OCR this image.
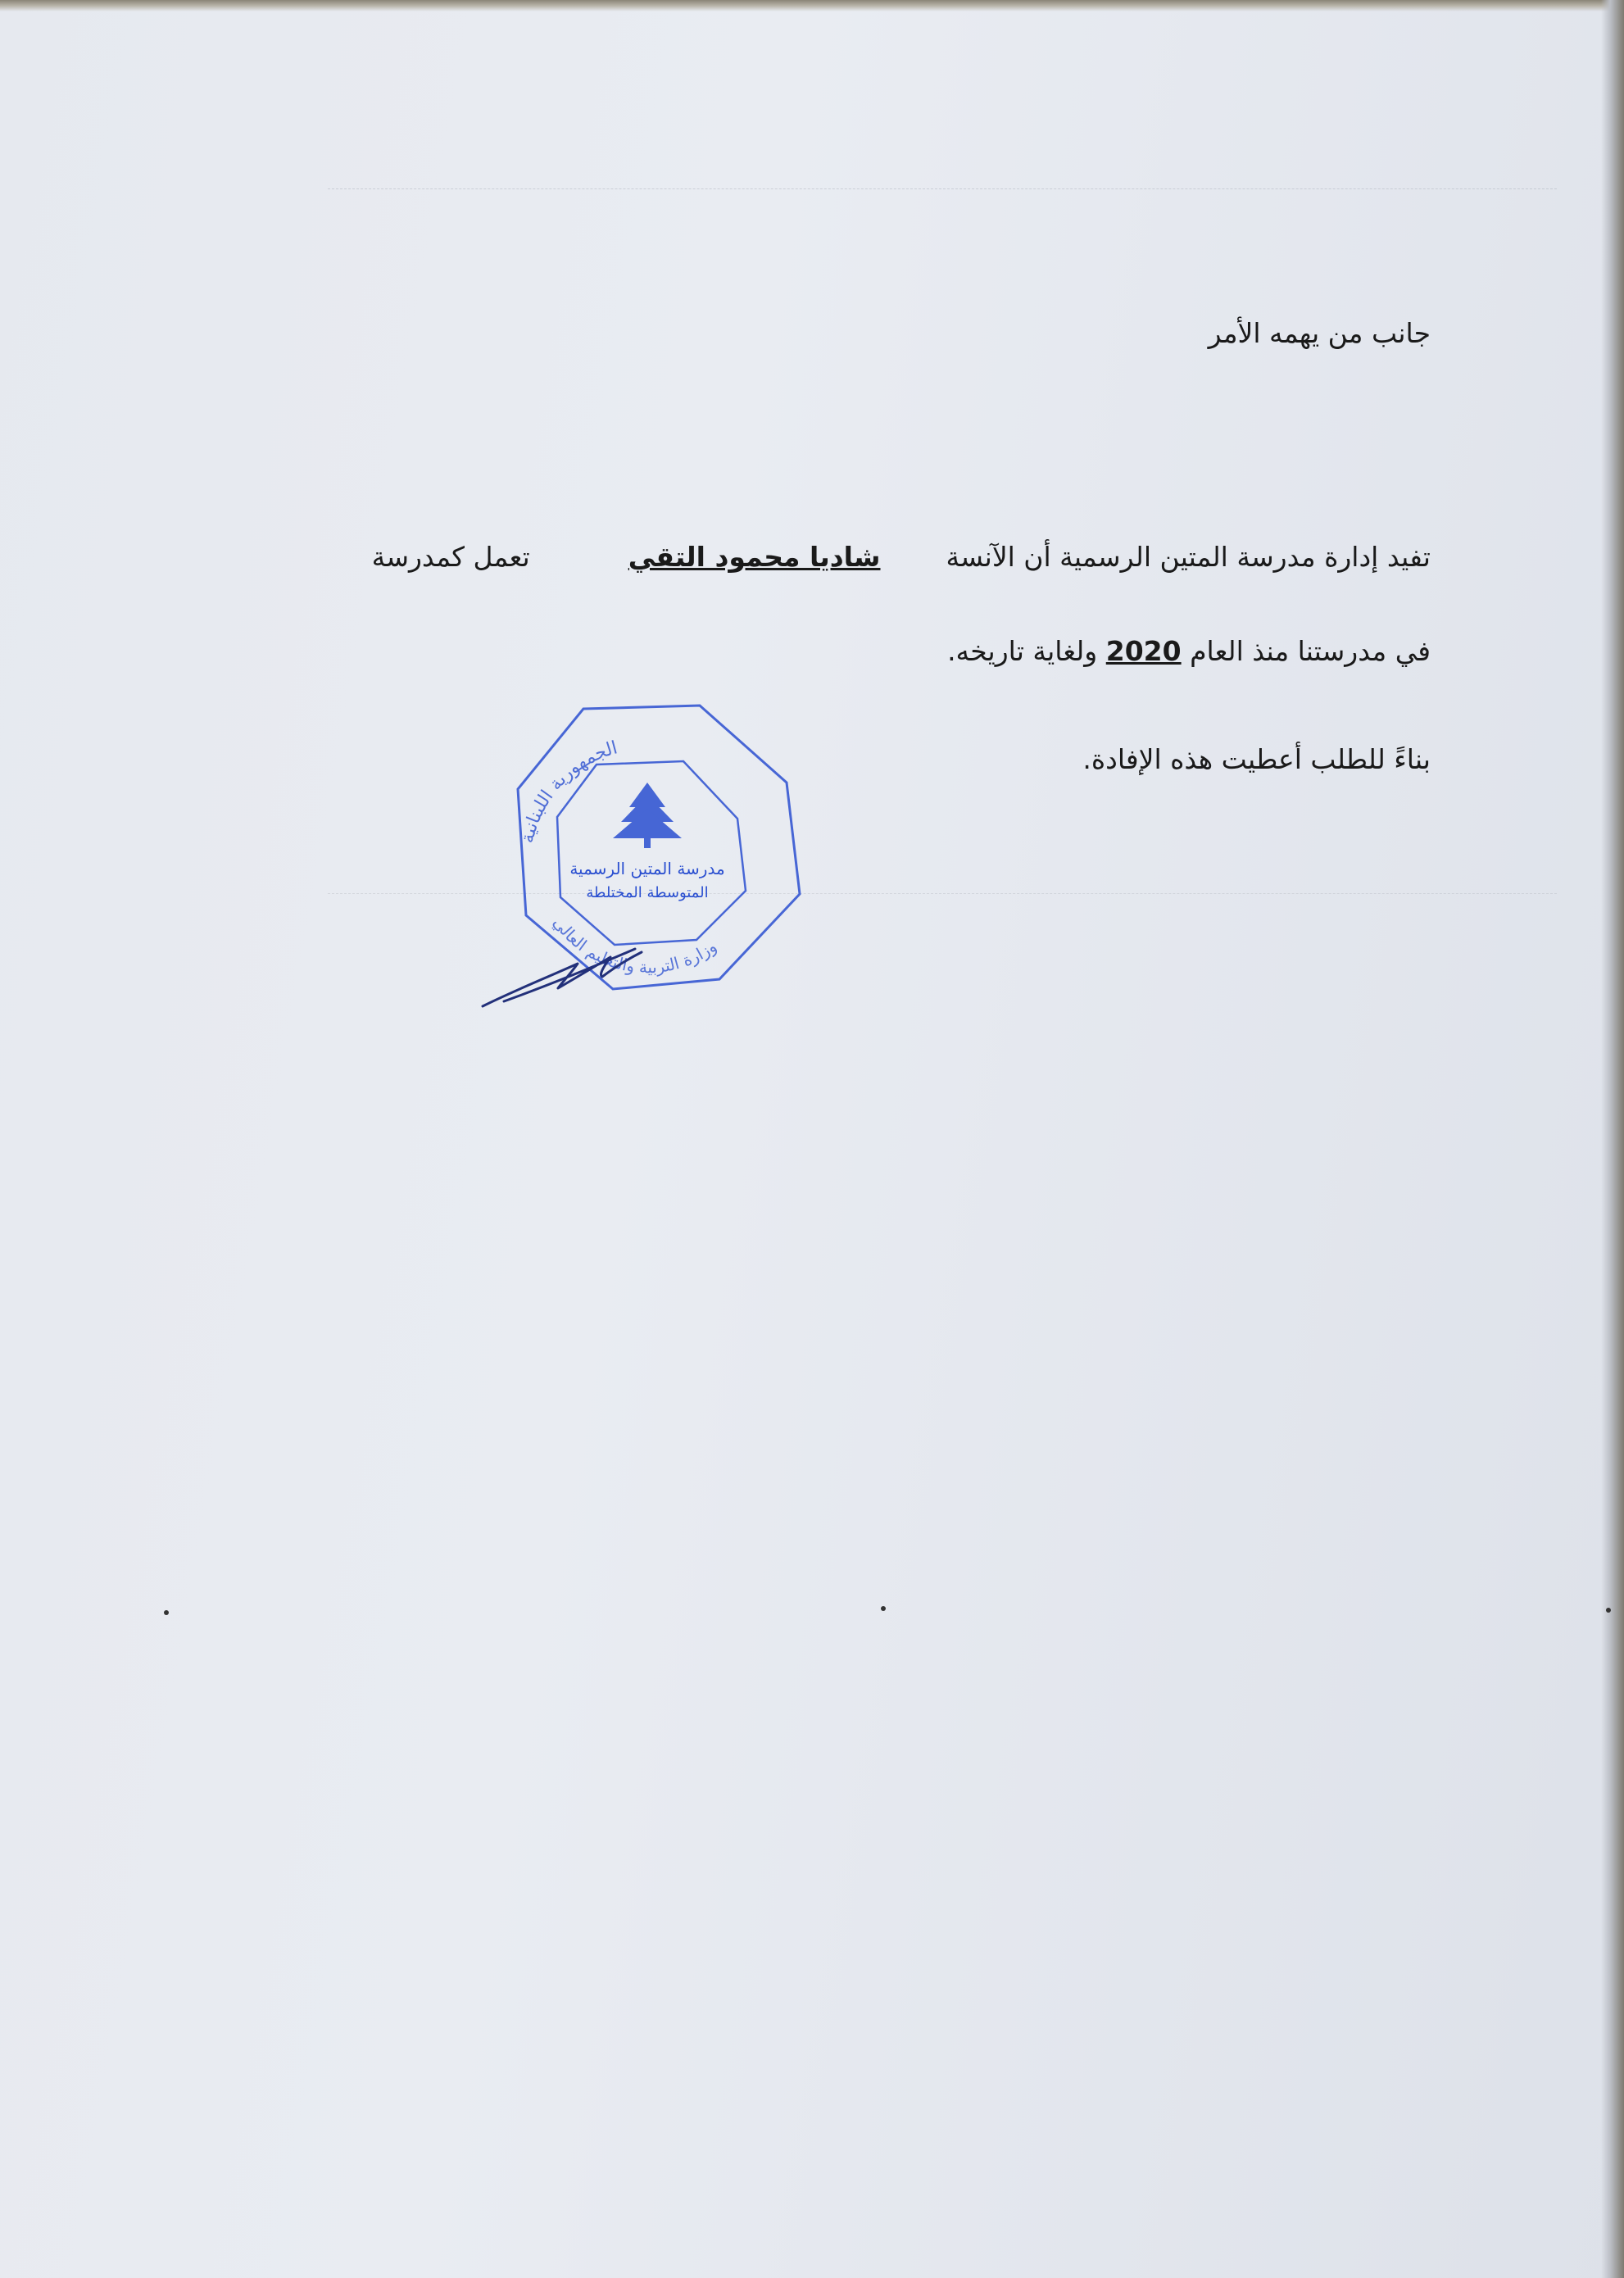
جانب من يهمه الأمر
تفيد إدارة مدرسة المتين الرسمية أن الآنسةشاديا محمود التقيتعمل كمدرسة
في مدرستنا منذ العام 2020 ولغاية تاريخه.
بناءً للطلب أعطيت هذه الإفادة.
الجمهورية اللبنانية
وزارة التربية والتعليم العالي
مدرسة المتين الرسمية
المتوسطة المختلطة
